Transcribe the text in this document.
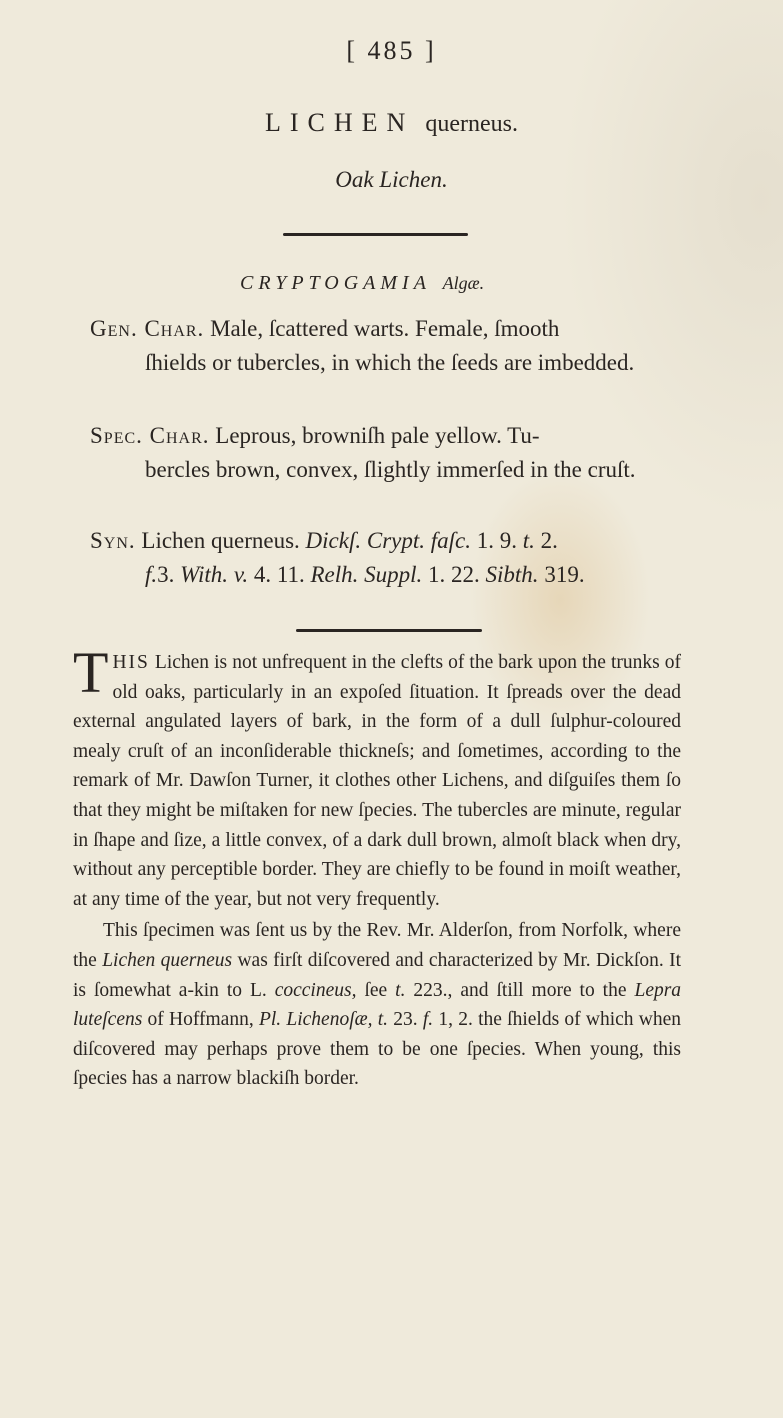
[ 485 ]
LICHEN querneus.
Oak Lichen.
CRYPTOGAMIA Algæ.
Gen. Char. Male, ſcattered warts. Female, ſmooth
ſhields or tubercles, in which the ſeeds are imbedded.
Spec. Char. Leprous, browniſh pale yellow. Tu-
bercles brown, convex, ſlightly immerſed in the cruſt.
Syn. Lichen querneus. Dickſ. Crypt. faſc. 1. 9. t. 2.
f.3. With. v. 4. 11. Relh. Suppl. 1. 22. Sibth. 319.

T HIS Lichen is not unfrequent in the clefts of the bark upon the trunks of old oaks, particularly in an expoſed ſituation. It ſpreads over the dead external angulated layers of bark, in the form of a dull ſulphur-coloured mealy cruſt of an inconſiderable thickneſs; and ſometimes, according to the remark of Mr. Dawſon Turner, it clothes other Lichens, and diſguiſes them ſo that they might be miſtaken for new ſpecies. The tubercles are minute, regular in ſhape and ſize, a little convex, of a dark dull brown, almoſt black when dry, without any perceptible border. They are chiefly to be found in moiſt weather, at any time of the year, but not very frequently.

This ſpecimen was ſent us by the Rev. Mr. Alderſon, from Norfolk, where the Lichen querneus was firſt diſcovered and characterized by Mr. Dickſon. It is ſomewhat a-kin to L. coccineus, ſee t. 223., and ſtill more to the Lepra luteſcens of Hoffmann, Pl. Lichenoſæ, t. 23. f. 1, 2. the ſhields of which when diſcovered may perhaps prove them to be one ſpecies. When young, this ſpecies has a narrow blackiſh border.
